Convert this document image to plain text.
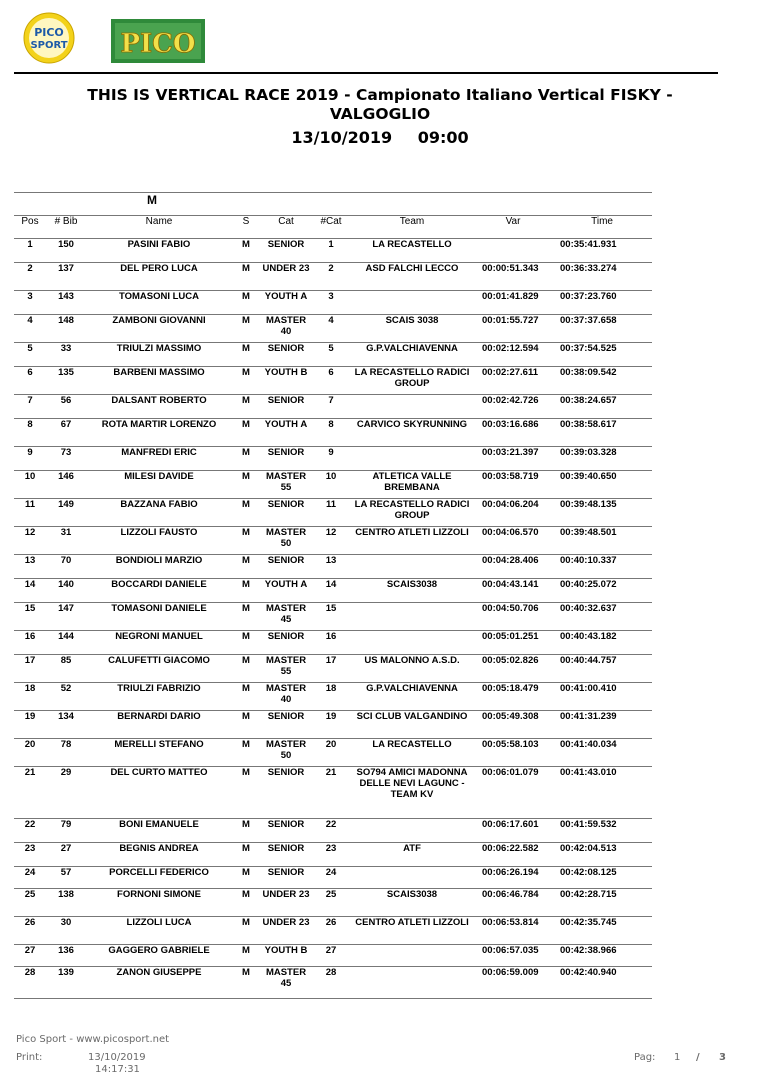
PICO
SPORT PICO
THIS IS VERTICAL RACE 2019 - Campionato Italiano Vertical FISKY - VALGOGLIO
13/10/2019 09:00
M								
Pos	# Bib	Name	S	Cat	#Cat	Team	Var	Time
1	150	PASINI FABIO	M	SENIOR	1	LA RECASTELLO		00:35:41.931
2	137	DEL PERO LUCA	M	UNDER 23	2	ASD FALCHI LECCO	00:00:51.343	00:36:33.274
3	143	TOMASONI LUCA	M	YOUTH A	3		00:01:41.829	00:37:23.760
4	148	ZAMBONI GIOVANNI	M	MASTER 40	4	SCAIS 3038	00:01:55.727	00:37:37.658
5	33	TRIULZI MASSIMO	M	SENIOR	5	G.P.VALCHIAVENNA	00:02:12.594	00:37:54.525
6	135	BARBENI MASSIMO	M	YOUTH B	6	LA RECASTELLO RADICI GROUP	00:02:27.611	00:38:09.542
7	56	DALSANT ROBERTO	M	SENIOR	7		00:02:42.726	00:38:24.657
8	67	ROTA MARTIR LORENZO	M	YOUTH A	8	CARVICO SKYRUNNING	00:03:16.686	00:38:58.617
9	73	MANFREDI ERIC	M	SENIOR	9		00:03:21.397	00:39:03.328
10	146	MILESI DAVIDE	M	MASTER 55	10	ATLETICA VALLE BREMBANA	00:03:58.719	00:39:40.650
11	149	BAZZANA FABIO	M	SENIOR	11	LA RECASTELLO RADICI GROUP	00:04:06.204	00:39:48.135
12	31	LIZZOLI FAUSTO	M	MASTER 50	12	CENTRO ATLETI LIZZOLI	00:04:06.570	00:39:48.501
13	70	BONDIOLI MARZIO	M	SENIOR	13		00:04:28.406	00:40:10.337
14	140	BOCCARDI DANIELE	M	YOUTH A	14	SCAIS3038	00:04:43.141	00:40:25.072
15	147	TOMASONI DANIELE	M	MASTER 45	15		00:04:50.706	00:40:32.637
16	144	NEGRONI MANUEL	M	SENIOR	16		00:05:01.251	00:40:43.182
17	85	CALUFETTI GIACOMO	M	MASTER 55	17	US MALONNO A.S.D.	00:05:02.826	00:40:44.757
18	52	TRIULZI FABRIZIO	M	MASTER 40	18	G.P.VALCHIAVENNA	00:05:18.479	00:41:00.410
19	134	BERNARDI DARIO	M	SENIOR	19	SCI CLUB VALGANDINO	00:05:49.308	00:41:31.239
20	78	MERELLI STEFANO	M	MASTER 50	20	LA RECASTELLO	00:05:58.103	00:41:40.034
21	29	DEL CURTO MATTEO	M	SENIOR	21	SO794 AMICI MADONNA DELLE NEVI LAGUNC -TEAM KV	00:06:01.079	00:41:43.010
22	79	BONI EMANUELE	M	SENIOR	22		00:06:17.601	00:41:59.532
23	27	BEGNIS ANDREA	M	SENIOR	23	ATF	00:06:22.582	00:42:04.513
24	57	PORCELLI FEDERICO	M	SENIOR	24		00:06:26.194	00:42:08.125
25	138	FORNONI SIMONE	M	UNDER 23	25	SCAIS3038	00:06:46.784	00:42:28.715
26	30	LIZZOLI LUCA	M	UNDER 23	26	CENTRO ATLETI LIZZOLI	00:06:53.814	00:42:35.745
27	136	GAGGERO GABRIELE	M	YOUTH B	27		00:06:57.035	00:42:38.966
28	139	ZANON GIUSEPPE	M	MASTER 45	28		00:06:59.009	00:42:40.940
Pico Sport - www.picosport.net
Print:	13/10/2019
14:17:31
Pag: 1 / 3
